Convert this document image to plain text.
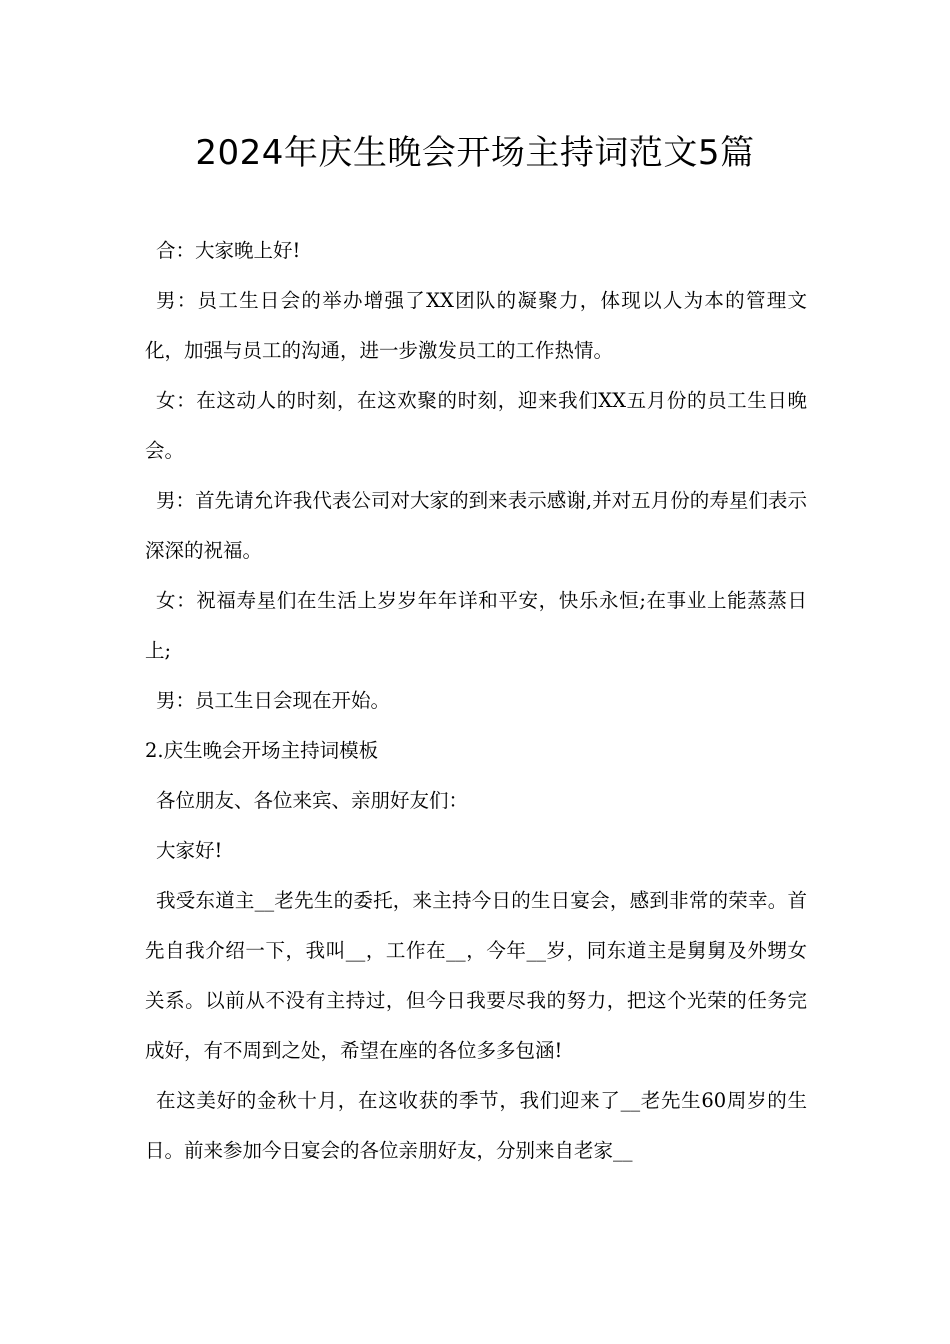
2024年庆生晚会开场主持词范文5篇

合：大家晚上好!

男：员工生日会的举办增强了XX团队的凝聚力，体现以人为本的管理文化，加强与员工的沟通，进一步激发员工的工作热情。

女：在这动人的时刻，在这欢聚的时刻，迎来我们XX五月份的员工生日晚会。

男：首先请允许我代表公司对大家的到来表示感谢,并对五月份的寿星们表示深深的祝福。

女：祝福寿星们在生活上岁岁年年详和平安，快乐永恒;在事业上能蒸蒸日上;

男：员工生日会现在开始。

2.庆生晚会开场主持词模板

各位朋友、各位来宾、亲朋好友们：

大家好!

我受东道主__老先生的委托，来主持今日的生日宴会，感到非常的荣幸。首先自我介绍一下，我叫__，工作在__，今年__岁，同东道主是舅舅及外甥女关系。以前从不没有主持过，但今日我要尽我的努力，把这个光荣的任务完成好，有不周到之处，希望在座的各位多多包涵!

在这美好的金秋十月，在这收获的季节，我们迎来了__老先生60周岁的生日。前来参加今日宴会的各位亲朋好友，分别来自老家__
